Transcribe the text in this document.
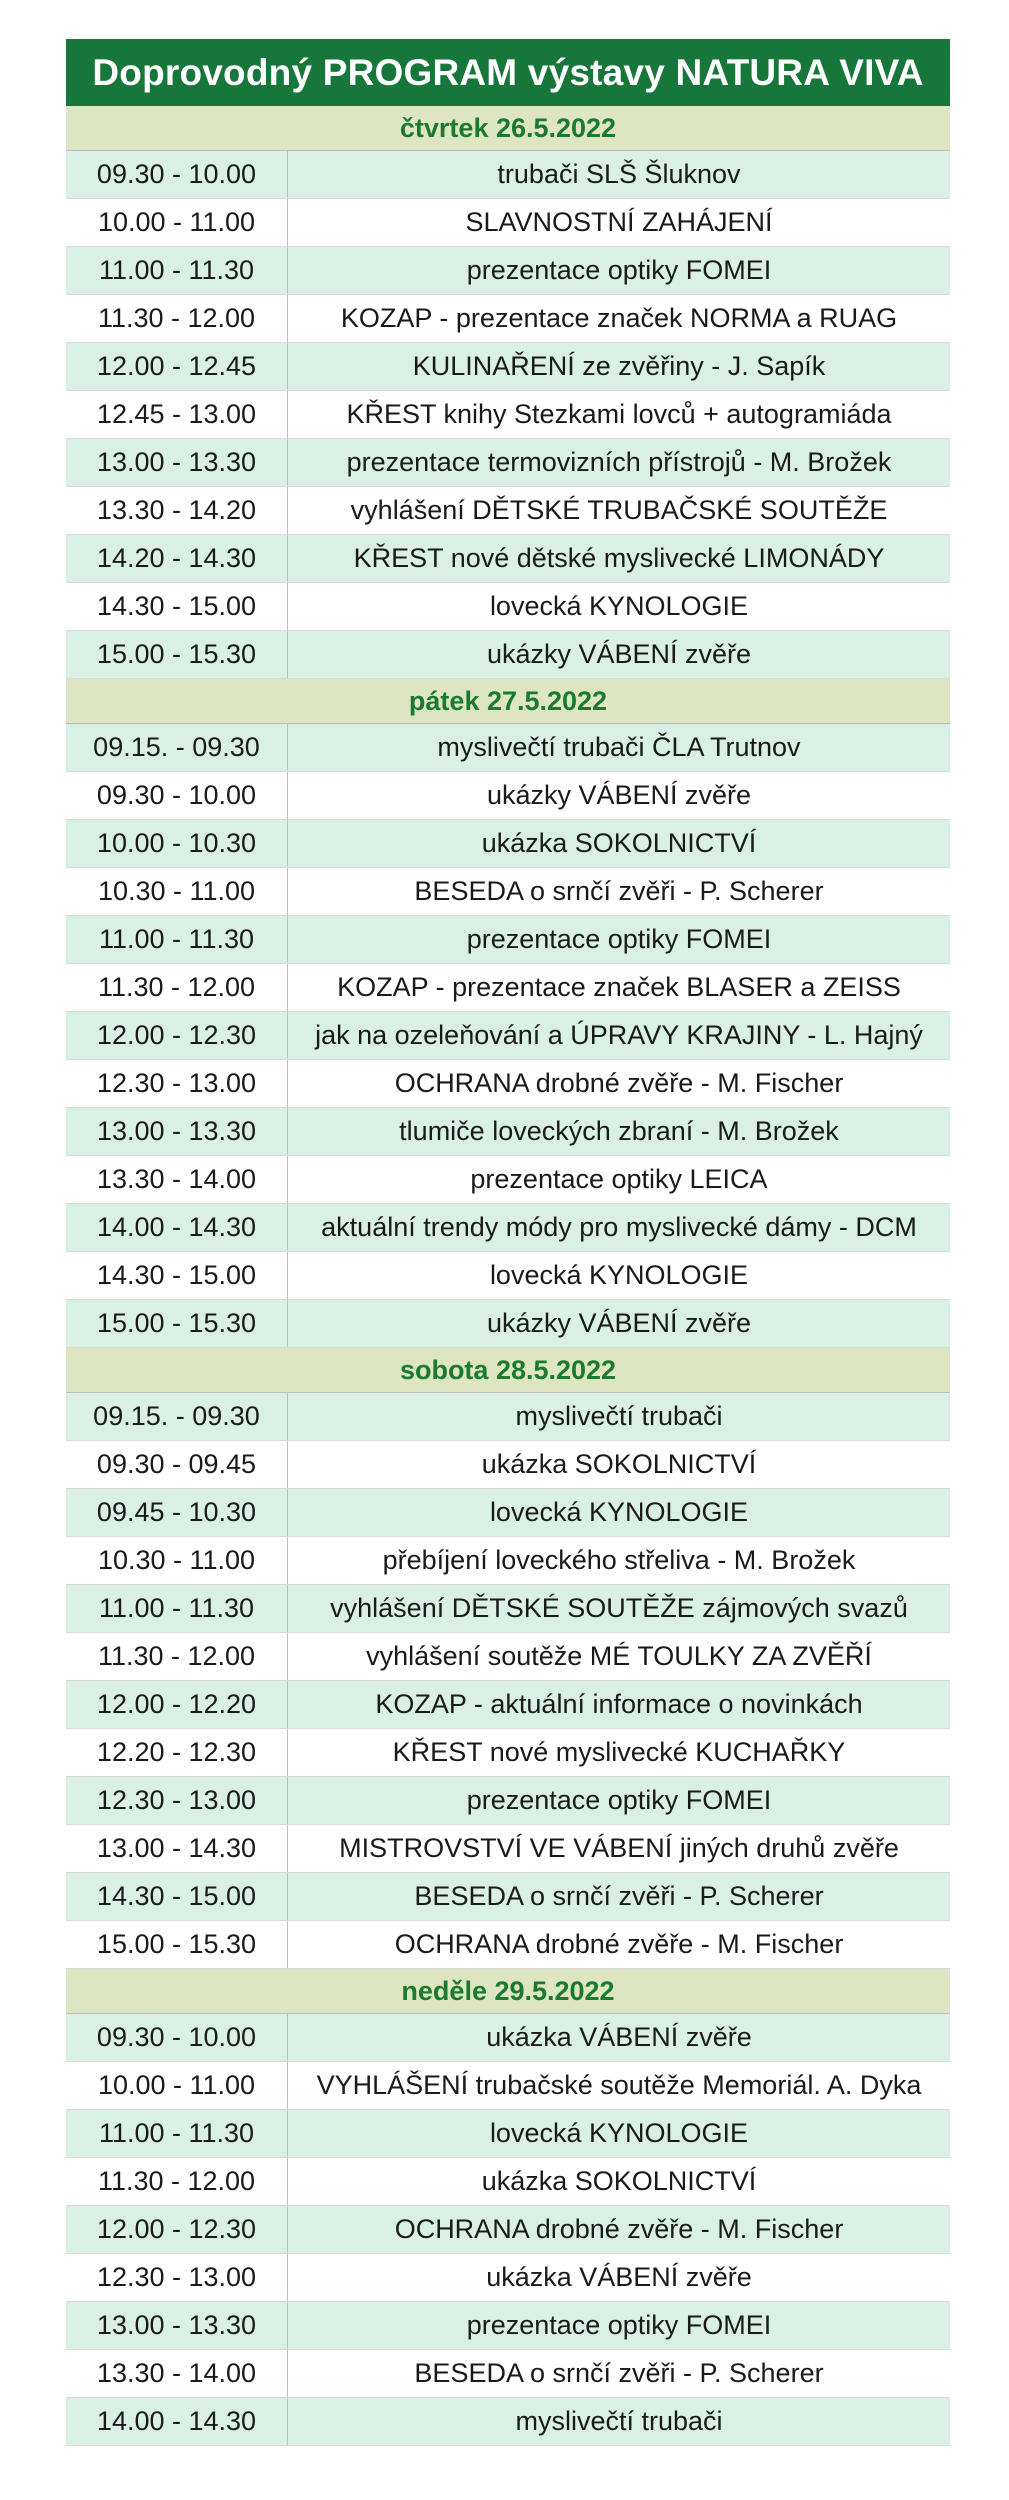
Doprovodný PROGRAM výstavy NATURA VIVA
čtvrtek 26.5.2022
09.30 - 10.00	trubači SLŠ Šluknov
10.00 - 11.00	SLAVNOSTNÍ ZAHÁJENÍ
11.00 - 11.30	prezentace optiky FOMEI
11.30 - 12.00	KOZAP - prezentace značek NORMA a RUAG
12.00 - 12.45	KULINAŘENÍ ze zvěřiny - J. Sapík
12.45 - 13.00	KŘEST knihy Stezkami lovců + autogramiáda
13.00 - 13.30	prezentace termovizních přístrojů - M. Brožek
13.30 - 14.20	vyhlášení DĚTSKÉ TRUBAČSKÉ SOUTĚŽE
14.20 - 14.30	KŘEST nové dětské myslivecké LIMONÁDY
14.30 - 15.00	lovecká KYNOLOGIE
15.00 - 15.30	ukázky VÁBENÍ zvěře
pátek 27.5.2022
09.15. - 09.30	myslivečtí trubači ČLA Trutnov
09.30 - 10.00	ukázky VÁBENÍ zvěře
10.00 - 10.30	ukázka SOKOLNICTVÍ
10.30 - 11.00	BESEDA o srnčí zvěři - P. Scherer
11.00 - 11.30	prezentace optiky FOMEI
11.30 - 12.00	KOZAP - prezentace značek BLASER a ZEISS
12.00 - 12.30	jak na ozeleňování a ÚPRAVY KRAJINY - L. Hajný
12.30 - 13.00	OCHRANA drobné zvěře - M. Fischer
13.00 - 13.30	tlumiče loveckých zbraní - M. Brožek
13.30 - 14.00	prezentace optiky LEICA
14.00 - 14.30	aktuální trendy módy pro myslivecké dámy - DCM
14.30 - 15.00	lovecká KYNOLOGIE
15.00 - 15.30	ukázky VÁBENÍ zvěře
sobota 28.5.2022
09.15. - 09.30	myslivečtí trubači
09.30 - 09.45	ukázka SOKOLNICTVÍ
09.45 - 10.30	lovecká KYNOLOGIE
10.30 - 11.00	přebíjení loveckého střeliva - M. Brožek
11.00 - 11.30	vyhlášení DĚTSKÉ SOUTĚŽE zájmových svazů
11.30 - 12.00	vyhlášení soutěže MÉ TOULKY ZA ZVĚŘÍ
12.00 - 12.20	KOZAP - aktuální informace o novinkách
12.20 - 12.30	KŘEST nové myslivecké KUCHAŘKY
12.30 - 13.00	prezentace optiky FOMEI
13.00 - 14.30	MISTROVSTVÍ VE VÁBENÍ jiných druhů zvěře
14.30 - 15.00	BESEDA o srnčí zvěři - P. Scherer
15.00 - 15.30	OCHRANA drobné zvěře - M. Fischer
neděle 29.5.2022
09.30 - 10.00	ukázka VÁBENÍ zvěře
10.00 - 11.00	VYHLÁŠENÍ trubačské soutěže Memoriál. A. Dyka
11.00 - 11.30	lovecká KYNOLOGIE
11.30 - 12.00	ukázka SOKOLNICTVÍ
12.00 - 12.30	OCHRANA drobné zvěře - M. Fischer
12.30 - 13.00	ukázka VÁBENÍ zvěře
13.00 - 13.30	prezentace optiky FOMEI
13.30 - 14.00	BESEDA o srnčí zvěři - P. Scherer
14.00 - 14.30	myslivečtí trubači
